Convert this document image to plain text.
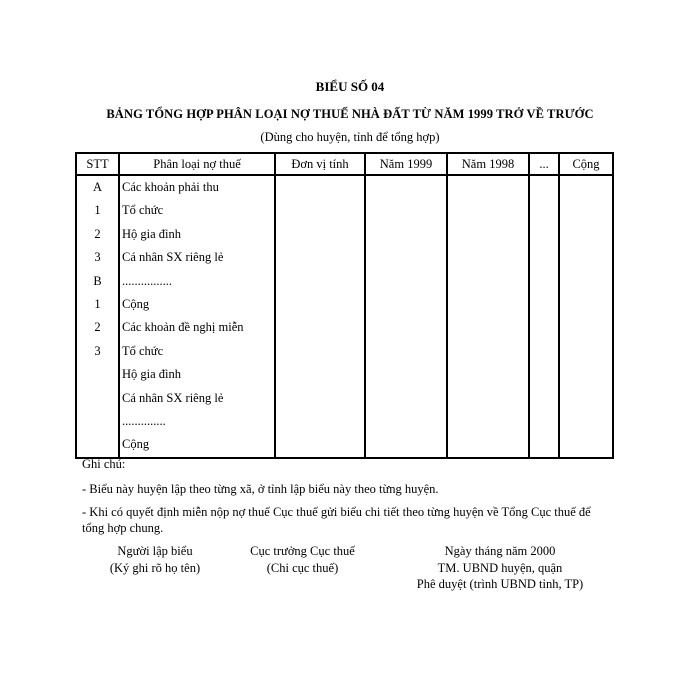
BIỂU SỐ 04
BẢNG TỔNG HỢP PHÂN LOẠI NỢ THUẾ NHÀ ĐẤT TỪ NĂM 1999 TRỞ VỀ TRƯỚC
(Dùng cho huyện, tỉnh để tổng hợp)
STT	Phân loại nợ thuế	Đơn vị tính	Năm 1999	Năm 1998	...	Cộng
A	Các khoản phải thu					
1	Tổ chức					
2	Hộ gia đình					
3	Cá nhân SX riêng lẻ					
B	................					
1	Cộng					
2	Các khoản đề nghị miễn					
3	Tổ chức					
	Hộ gia đình					
	Cá nhân SX riêng lẻ					
	..............					
	Cộng					
Ghi chú:
- Biểu này huyện lập theo từng xã, ở tỉnh lập biểu này theo từng huyện.
- Khi có quyết định miễn nộp nợ thuế Cục thuế gửi biểu chi tiết theo từng huyện về Tổng Cục thuế để tổng hợp chung.
Người lập biểu
(Ký ghi rõ họ tên)
Cục trưởng Cục thuế
(Chi cục thuế)
Ngày tháng năm 2000
TM. UBND huyện, quận
Phê duyệt (trình UBND tỉnh, TP)
